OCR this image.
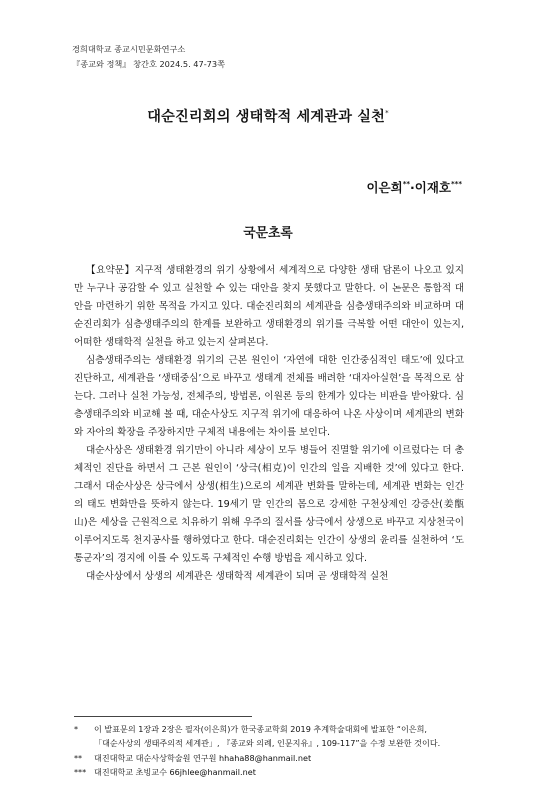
경희대학교 종교시민문화연구소
『종교와 정책』 창간호 2024.5. 47-73쪽
대순진리회의 생태학적 세계관과 실천*
이은희**·이재호***
국문초록

【요약문】지구적 생태환경의 위기 상황에서 세계적으로 다양한 생태 담론이 나오고 있지만 누구나 공감할 수 있고 실천할 수 있는 대안을 찾지 못했다고 말한다. 이 논문은 통합적 대안을 마련하기 위한 목적을 가지고 있다. 대순진리회의 세계관을 심층생태주의와 비교하며 대순진리회가 심층생태주의의 한계를 보완하고 생태환경의 위기를 극복할 어떤 대안이 있는지, 어떠한 생태학적 실천을 하고 있는지 살펴본다.

심층생태주의는 생태환경 위기의 근본 원인이 ‘자연에 대한 인간중심적인 태도’에 있다고 진단하고, 세계관을 ‘생태중심’으로 바꾸고 생태계 전체를 배려한 ‘대자아실현’을 목적으로 삼는다. 그러나 실천 가능성, 전체주의, 방법론, 이원론 등의 한계가 있다는 비판을 받아왔다. 심층생태주의와 비교해 볼 때, 대순사상도 지구적 위기에 대응하여 나온 사상이며 세계관의 변화와 자아의 확장을 주장하지만 구체적 내용에는 차이를 보인다.

대순사상은 생태환경 위기만이 아니라 세상이 모두 병들어 진멸할 위기에 이르렀다는 더 총체적인 진단을 하면서 그 근본 원인이 ‘상극(相克)이 인간의 일을 지배한 것’에 있다고 한다. 그래서 대순사상은 상극에서 상생(相生)으로의 세계관 변화를 말하는데, 세계관 변화는 인간의 태도 변화만을 뜻하지 않는다. 19세기 말 인간의 몸으로 강세한 구천상제인 강증산(姜甑山)은 세상을 근원적으로 치유하기 위해 우주의 질서를 상극에서 상생으로 바꾸고 지상천국이 이루어지도록 천지공사를 행하였다고 한다. 대순진리회는 인간이 상생의 윤리를 실천하여 ‘도통군자’의 경지에 이를 수 있도록 구체적인 수행 방법을 제시하고 있다.

대순사상에서 상생의 세계관은 생태학적 세계관이 되며 곧 생태학적 실천

* 이 발표문의 1장과 2장은 필자(이은희)가 한국종교학회 2019 추계학술대회에 발표한 “이은희,
「대순사상의 생태주의적 세계관」, 『종교와 의례, 인문지유』, 109-117”을 수정 보완한 것이다.
** 대진대학교 대순사상학술원 연구원 hhaha88@hanmail.net
*** 대진대학교 초빙교수 66jhlee@hanmail.net
